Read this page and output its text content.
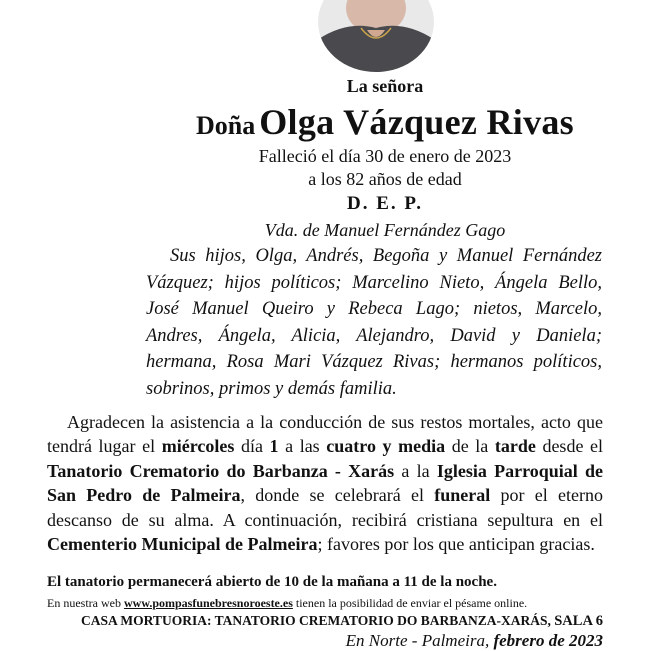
La señora
Doña Olga Vázquez Rivas
Falleció el día 30 de enero de 2023
a los 82 años de edad
D. E. P.
Vda. de Manuel Fernández Gago
Sus hijos, Olga, Andrés, Begoña y Manuel Fernández Vázquez; hijos políticos; Marcelino Nieto, Ángela Bello, José Manuel Queiro y Rebeca Lago; nietos, Marcelo, Andres, Ángela, Alicia, Alejandro, David y Daniela; hermana, Rosa Mari Vázquez Rivas; hermanos políticos, sobrinos, primos y demás familia.
Agradecen la asistencia a la conducción de sus restos mortales, acto que tendrá lugar el miércoles día 1 a las cuatro y media de la tarde desde el Tanatorio Crematorio do Barbanza - Xarás a la Iglesia Parroquial de San Pedro de Palmeira, donde se celebrará el funeral por el eterno descanso de su alma. A continuación, recibirá cristiana sepultura en el Cementerio Municipal de Palmeira; favores por los que anticipan gracias.
El tanatorio permanecerá abierto de 10 de la mañana a 11 de la noche.
En nuestra web www.pompasfunebresnoroeste.es tienen la posibilidad de enviar el pésame online.
CASA MORTUORIA: TANATORIO CREMATORIO DO BARBANZA-XARÁS, SALA 6
En Norte - Palmeira, febrero de 2023
